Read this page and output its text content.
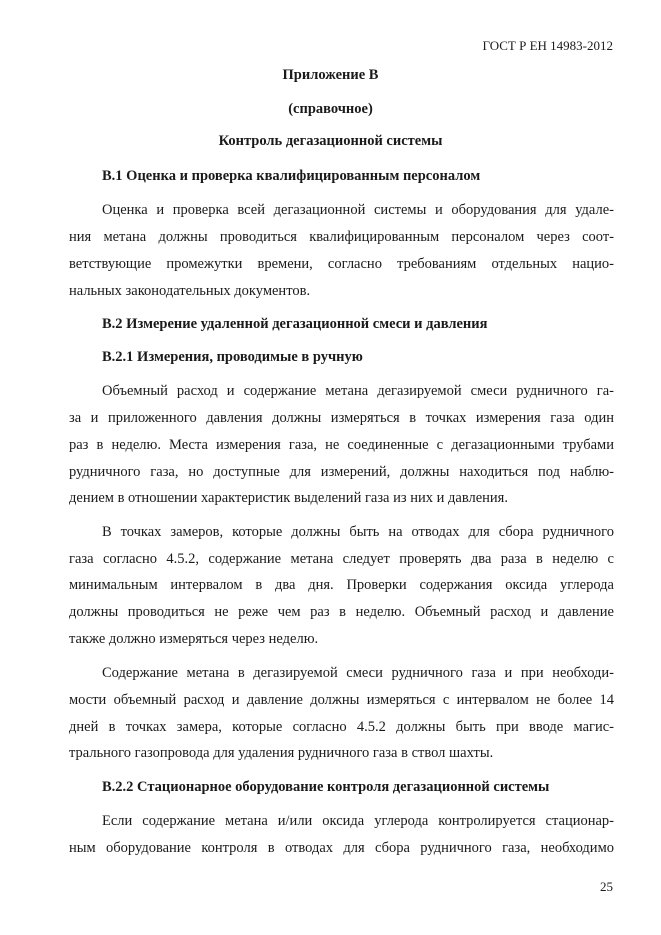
ГОСТ Р ЕН 14983-2012
Приложение В
(справочное)
Контроль дегазационной системы
В.1 Оценка и проверка квалифицированным персоналом
Оценка и проверка всей дегазационной системы и оборудования для удале-
ния метана должны проводиться квалифицированным персоналом через соот-
ветствующие промежутки времени, согласно требованиям отдельных нацио-
нальных законодательных документов.
В.2 Измерение удаленной дегазационной смеси и давления
В.2.1 Измерения, проводимые в ручную
Объемный расход и содержание метана дегазируемой смеси рудничного га-
за и приложенного давления должны измеряться в точках измерения газа один
раз в неделю. Места измерения газа, не соединенные с дегазационными трубами
рудничного газа, но доступные для измерений, должны находиться под наблю-
дением в отношении характеристик выделений газа из них и давления.
В точках замеров, которые должны быть на отводах для сбора рудничного
газа согласно 4.5.2, содержание метана следует проверять два раза в неделю с
минимальным интервалом в два дня. Проверки содержания оксида углерода
должны проводиться не реже чем раз в неделю. Объемный расход и давление
также должно измеряться через неделю.
Содержание метана в дегазируемой смеси рудничного газа и при необходи-
мости объемный расход и давление должны измеряться с интервалом не более 14
дней в точках замера, которые согласно 4.5.2 должны быть при вводе магис-
трального газопровода для удаления рудничного газа в ствол шахты.
В.2.2 Стационарное оборудование контроля дегазационной системы
Если содержание метана и/или оксида углерода контролируется стационар-
ным оборудование контроля в отводах для сбора рудничного газа, необходимо
25
